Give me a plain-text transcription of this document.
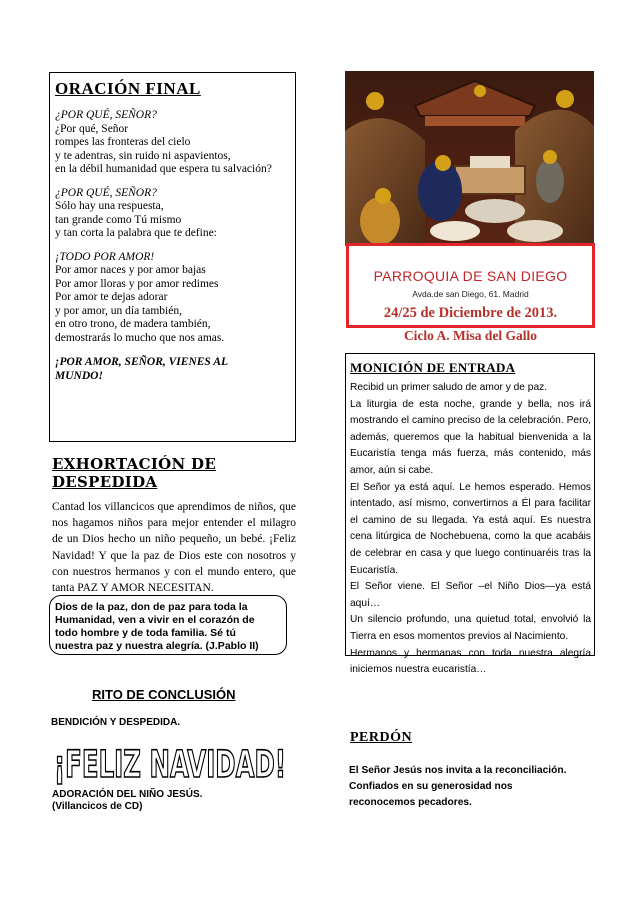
ORACIÓN FINAL
¿POR QUÉ, SEÑOR?
¿Por qué, Señor
rompes las fronteras del cielo
y te adentras, sin ruido ni aspavientos,
en la débil humanidad que espera tu salvación?
¿POR QUÉ, SEÑOR?
Sólo hay una respuesta,
tan grande como Tú mismo
y tan corta la palabra que te define:
¡TODO POR AMOR!
Por amor naces y por amor bajas
Por amor lloras y por amor redimes
Por amor te dejas adorar
y por amor, un día también,
en otro trono, de madera también,
demostrarás lo mucho que nos amas.
¡POR AMOR, SEÑOR, VIENES AL
MUNDO!
EXHORTACIÓN DE DESPEDIDA
Cantad los villancicos que aprendimos de niños, que nos hagamos niños para mejor entender el milagro de un Dios hecho un niño pequeño, un bebé. ¡Feliz Navidad! Y que la paz de Dios este con nosotros y con nuestros hermanos y con el mundo entero, que tanta PAZ Y AMOR NECESITAN.
Dios de la paz, don de paz para toda la
Humanidad, ven a vivir en el corazón de
todo hombre y de toda familia. Sé tú
nuestra paz y nuestra alegría. (J.Pablo II)
RITO DE CONCLUSIÓN
BENDICIÓN Y DESPEDIDA.
¡FELIZ NAVIDAD!
ADORACIÓN DEL NIÑO JESÚS.
(Villancicos de CD)
PARROQUIA DE SAN DIEGO
Avda.de san Diego, 61. Madrid
24/25 de Diciembre de 2013.
Ciclo A. Misa del Gallo
MONICIÓN DE ENTRADA
Recibid un primer saludo de amor y de paz.
La liturgia de esta noche, grande y bella, nos irá mostrando el camino preciso de la celebración. Pero, además, queremos que la habitual bienvenida a la Eucaristía tenga más fuerza, más contenido, más amor, aún si cabe.
El Señor ya está aquí. Le hemos esperado. Hemos intentado, así mismo, convertirnos a Él para facilitar el camino de su llegada. Ya está aquí. Es nuestra cena litúrgica de Nochebuena, como la que acabáis de celebrar en casa y que luego continuaréis tras la Eucaristía.
El Señor viene. El Señor –el Niño Dios—ya está aquí…
Un silencio profundo, una quietud total, envolvió la Tierra en esos momentos previos al Nacimiento.
Hermanos y hermanas con toda nuestra alegría iniciemos nuestra eucaristía…
PERDÓN
El Señor Jesús nos invita a la reconciliación.
Confiados en su generosidad nos
reconocemos pecadores.
